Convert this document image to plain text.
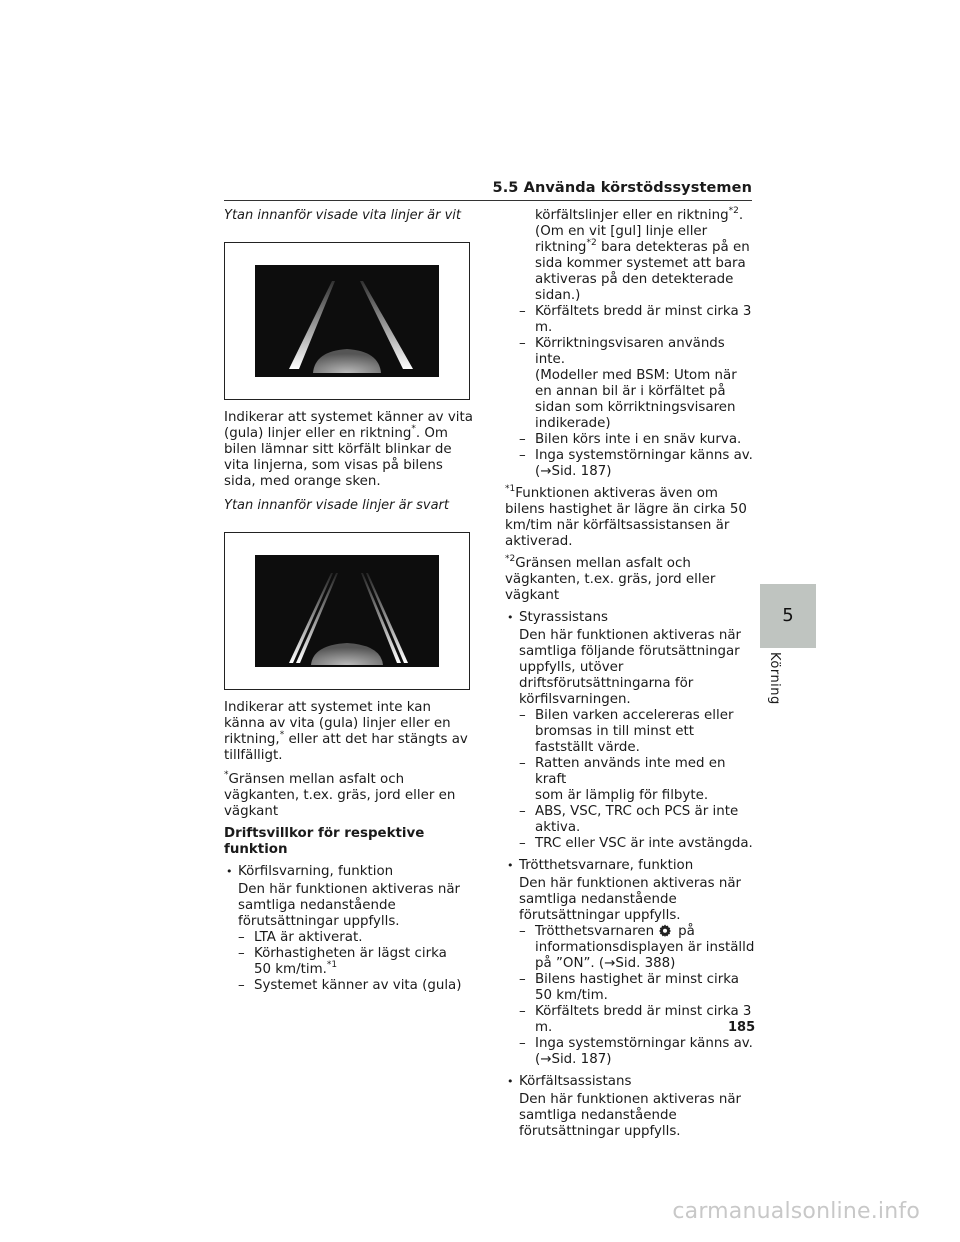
5.5 Använda körstödssystemen
Ytan innanför visade vita linjer är vit

Indikerar att systemet känner av vita (gula) linjer eller en riktning*. Om bilen lämnar sitt körfält blinkar de vita linjerna, som visas på bilens sida, med orange sken.

Ytan innanför visade linjer är svart

Indikerar att systemet inte kan känna av vita (gula) linjer eller en riktning,* eller att det har stängts av tillfälligt.

*Gränsen mellan asfalt och vägkanten, t.ex. gräs, jord eller en vägkant

Driftsvillkor för respektive funktion
• Körfilsvarning, funktion
Den här funktionen aktiveras när samtliga nedanstående förutsättningar uppfylls.
– LTA är aktiverat.
– Körhastigheten är lägst cirka
50 km/tim.$^{*1}$
– Systemet känner av vita (gula)
körfältslinjer eller en riktning$^{*2}$.
(Om en vit [gul] linje eller riktning$^{*2}$ bara detekteras på en sida kommer systemet att bara aktiveras på den detekterade sidan.)
– Körfältets bredd är minst cirka 3 m.
– Körriktningsvisaren används inte.
(Modeller med BSM: Utom när en annan bil är i körfältet på sidan som körriktningsvisaren indikerade)
– Bilen körs inte i en snäv kurva.
– Inga systemstörningar känns av.
(→Sid. 187)

$^{*1}$Funktionen aktiveras även om bilens hastighet är lägre än cirka 50 km/tim när körfältsassistansen är aktiverad.

$^{*2}$Gränsen mellan asfalt och vägkanten, t.ex. gräs, jord eller vägkant

• Styrassistans
Den här funktionen aktiveras när samtliga följande förutsättningar uppfylls, utöver driftsförutsättningarna för körfilsvarningen.
– Bilen varken accelereras eller
bromsas in till minst ett fastställt värde.
– Ratten används inte med en kraft
som är lämplig för filbyte.
– ABS, VSC, TRC och PCS är inte
aktiva.
– TRC eller VSC är inte avstängda.
• Trötthetsvarnare, funktion
Den här funktionen aktiveras när samtliga nedanstående förutsättningar uppfylls.
– Trötthetsvarnaren på
informationsdisplayen är inställd på ”ON”. (→Sid. 388)
– Bilens hastighet är minst cirka
50 km/tim.
– Körfältets bredd är minst cirka 3 m.
– Inga systemstörningar känns av.
(→Sid. 187)
• Körfältsassistans
Den här funktionen aktiveras när samtliga nedanstående förutsättningar uppfylls.
5
Körning
185
carmanualsonline.info
